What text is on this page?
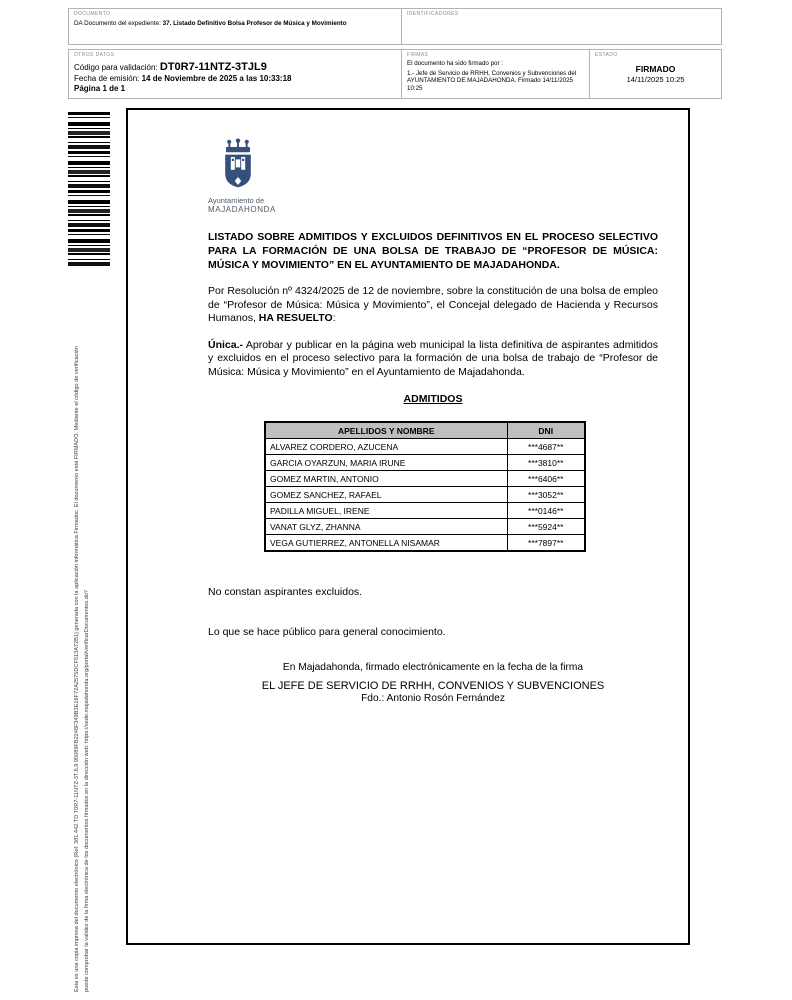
DOCUMENTO
DA Documento del expediente: 37. Listado Definitivo Bolsa Profesor de Música y Movimiento
IDENTIFICADORES
OTROS DATOS
Código para validación: DT0R7-11NTZ-3TJL9
Fecha de emisión: 14 de Noviembre de 2025 a las 10:33:18
Página 1 de 1
FIRMAS
El documento ha sido firmado por :
1.- Jefe de Servicio de RRHH, Convenios y Subvenciones del AYUNTAMIENTO DE MAJADAHONDA. Firmado 14/11/2025 10:25
ESTADO
FIRMADO
14/11/2025 10:25
Esta es una copia impresa del documento electrónico (Ref: 381.442.TD T0R7-11NTZ-3TJL9 95089FB2248F349B3E16F72A2575DCF513A72B1) generada con la aplicación informática Firmadoc. El documento está FIRMADO. Mediante el código de verificación puede comprobar la validez de la firma electrónica de los documentos firmados en la dirección web: https://sede.majadahonda.org/portal/verificarDocumentos.do?
Ayuntamiento de
MAJADAHONDA
LISTADO SOBRE ADMITIDOS Y EXCLUIDOS DEFINITIVOS EN EL PROCESO SELECTIVO PARA LA FORMACIÓN DE UNA BOLSA DE TRABAJO DE “PROFESOR DE MÚSICA: MÚSICA Y MOVIMIENTO” EN EL AYUNTAMIENTO DE MAJADAHONDA.
Por Resolución nº 4324/2025 de 12 de noviembre, sobre la constitución de una bolsa de empleo de “Profesor de Música: Música y Movimiento”, el Concejal delegado de Hacienda y Recursos Humanos, HA RESUELTO:
Única.- Aprobar y publicar en la página web municipal la lista definitiva de aspirantes admitidos y excluidos en el proceso selectivo para la formación de una bolsa de trabajo de “Profesor de Música: Música y Movimiento” en el Ayuntamiento de Majadahonda.
ADMITIDOS
APELLIDOS Y NOMBRE	DNI
ALVAREZ CORDERO, AZUCENA	***4687**
GARCIA OYARZUN, MARIA IRUNE	***3810**
GOMEZ MARTIN, ANTONIO	***6406**
GOMEZ SANCHEZ, RAFAEL	***3052**
PADILLA MIGUEL, IRENE	***0146**
VANAT GLYZ, ZHANNA	***5924**
VEGA GUTIERREZ, ANTONELLA NISAMAR	***7897**
No constan aspirantes excluidos.
Lo que se hace público para general conocimiento.
En Majadahonda, firmado electrónicamente en la fecha de la firma
EL JEFE DE SERVICIO DE RRHH, CONVENIOS Y SUBVENCIONES
Fdo.: Antonio Rosón Fernández
